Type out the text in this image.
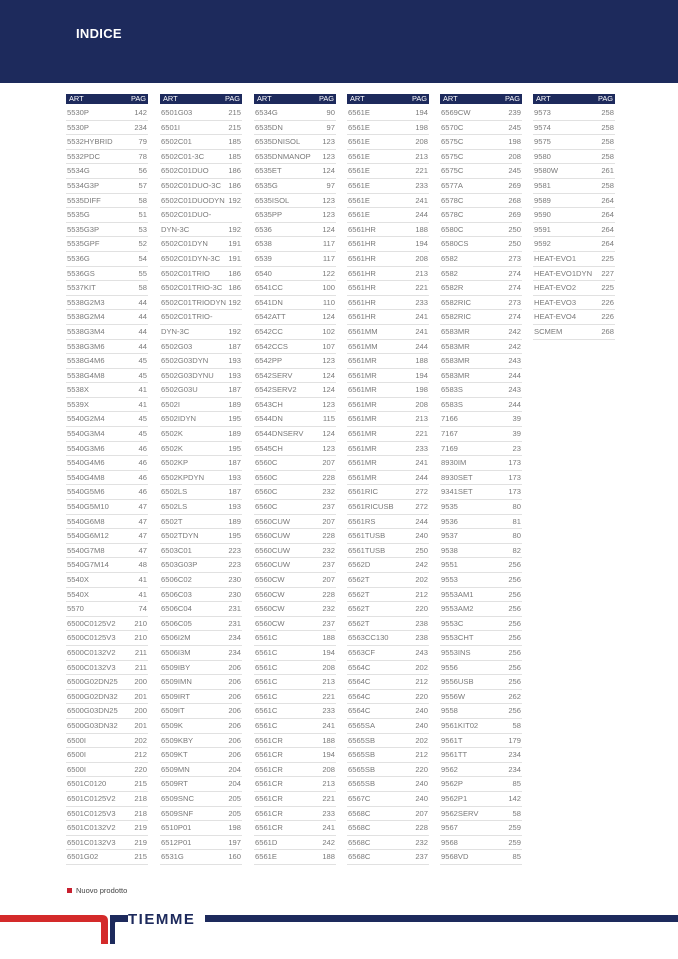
INDICE
ART	PAG
5530P	142
5530P	234
5532HYBRID	79
5532PDC	78
5534G	56
5534G3P	57
5535DIFF	58
5535G	51
5535G3P	53
5535GPF	52
5536G	54
5536GS	55
5537KIT	58
5538G2M3	44
5538G2M4	44
5538G3M4	44
5538G3M6	44
5538G4M6	45
5538G4M8	45
5538X	41
5539X	41
5540G2M4	45
5540G3M4	45
5540G3M6	46
5540G4M6	46
5540G4M8	46
5540G5M6	46
5540G5M10	47
5540G6M8	47
5540G6M12	47
5540G7M8	47
5540G7M14	48
5540X	41
5540X	41
5570	74
6500C0125V2 210
6500C0125V3 210
6500C0132V2	211
6500C0132V3	211
6500G02DN25 200
6500G02DN32 201
6500G03DN25 200
6500G03DN32 201
6500I	202
6500I	212
6500I	220
6501C0120	215
6501C0125V2 218
6501C0125V3 218
6501C0132V2 219
6501C0132V3 219
6501G02	215
ART	PAG
6501G03	215
6501I	215
6502C01	185
6502C01-3C	185
6502C01DUO	186
6502C01DUO-3C 186
6502C01DUODYN 192
6502C01DUO-
DYN-3C	192
6502C01DYN	191
6502C01DYN-3C 191
6502C01TRIO 186
6502C01TRIO-3C 186
6502C01TRIODYN 192
6502C01TRIO-
DYN-3C	192
6502G03	187
6502G03DYN	193
6502G03DYNU 193
6502G03U	187
6502I	189
6502IDYN	195
6502K	189
6502K	195
6502KP	187
6502KPDYN	193
6502LS	187
6502LS	193
6502T	189
6502TDYN	195
6503C01	223
6503G03P	223
6506C02	230
6506C03	230
6506C04	231
6506C05	231
6506I2M	234
6506I3M	234
6509IBY	206
6509IMN	206
6509IRT	206
6509IT	206
6509K	206
6509KBY	206
6509KT	206
6509MN	204
6509RT	204
6509SNC	205
6509SNF	205
6510P01	198
6512P01	197
6531G	160
ART	PAG
6534G	90
6535DN	97
6535DNISOL	123
6535DNMANOP 123
6535ET	124
6535G	97
6535ISOL	123
6535PP	123
6536	124
6538	117
6539	117
6540	122
6541CC	100
6541DN	110
6542ATT	124
6542CC	102
6542CCS	107
6542PP	123
6542SERV	124
6542SERV2	124
6543CH	123
6544DN	115
6544DNSERV 124
6545CH	123
6560C	207
6560C	228
6560C	232
6560C	237
6560CUW	207
6560CUW	228
6560CUW	232
6560CUW	237
6560CW	207
6560CW	228
6560CW	232
6560CW	237
6561C	188
6561C	194
6561C	208
6561C	213
6561C	221
6561C	233
6561C	241
6561CR	188
6561CR	194
6561CR	208
6561CR	213
6561CR	221
6561CR	233
6561CR	241
6561D	242
6561E	188
ART	PAG
6561E	194
6561E	198
6561E	208
6561E	213
6561E	221
6561E	233
6561E	241
6561E	244
6561HR	188
6561HR	194
6561HR	208
6561HR	213
6561HR	221
6561HR	233
6561HR	241
6561MM	241
6561MM	244
6561MR	188
6561MR	194
6561MR	198
6561MR	208
6561MR	213
6561MR	221
6561MR	233
6561MR	241
6561MR	244
6561RIC	272
6561RICUSB	272
6561RS	244
6561TUSB	240
6561TUSB	250
6562D	242
6562T	202
6562T	212
6562T	220
6562T	238
6563CC130	238
6563CF	243
6564C	202
6564C	212
6564C	220
6564C	240
6565SA	240
6565SB	202
6565SB	212
6565SB	220
6565SB	240
6567C	240
6568C	207
6568C	228
6568C	232
6568C	237
ART	PAG
6569CW	239
6570C	245
6575C	198
6575C	208
6575C	245
6577A	269
6578C	268
6578C	269
6580C	250
6580CS	250
6582	273
6582	274
6582R	274
6582RIC	273
6582RIC	274
6583MR	242
6583MR	242
6583MR	243
6583MR	244
6583S	243
6583S	244
7166	39
7167	39
7169	23
8930IM	173
8930SET	173
9341SET	173
9535	80
9536	81
9537	80
9538	82
9551	256
9553	256
9553AM1	256
9553AM2	256
9553C	256
9553CHT	256
9553INS	256
9556	256
9556USB	256
9556W	262
9558	256
9561KIT02	58
9561T	179
9561TT	234
9562	234
9562P	85
9562P1	142
9562SERV	58
9567	259
9568	259
9568VD	85
ART	PAG
9573	258
9574	258
9575	258
9580	258
9580W	261
9581	258
9589	264
9590	264
9591	264
9592	264
HEAT-EVO1	225
HEAT-EVO1DYN 227
HEAT-EVO2	225
HEAT-EVO3	226
HEAT-EVO4	226
SCMEM	268
Nuovo prodotto
TIEMME
